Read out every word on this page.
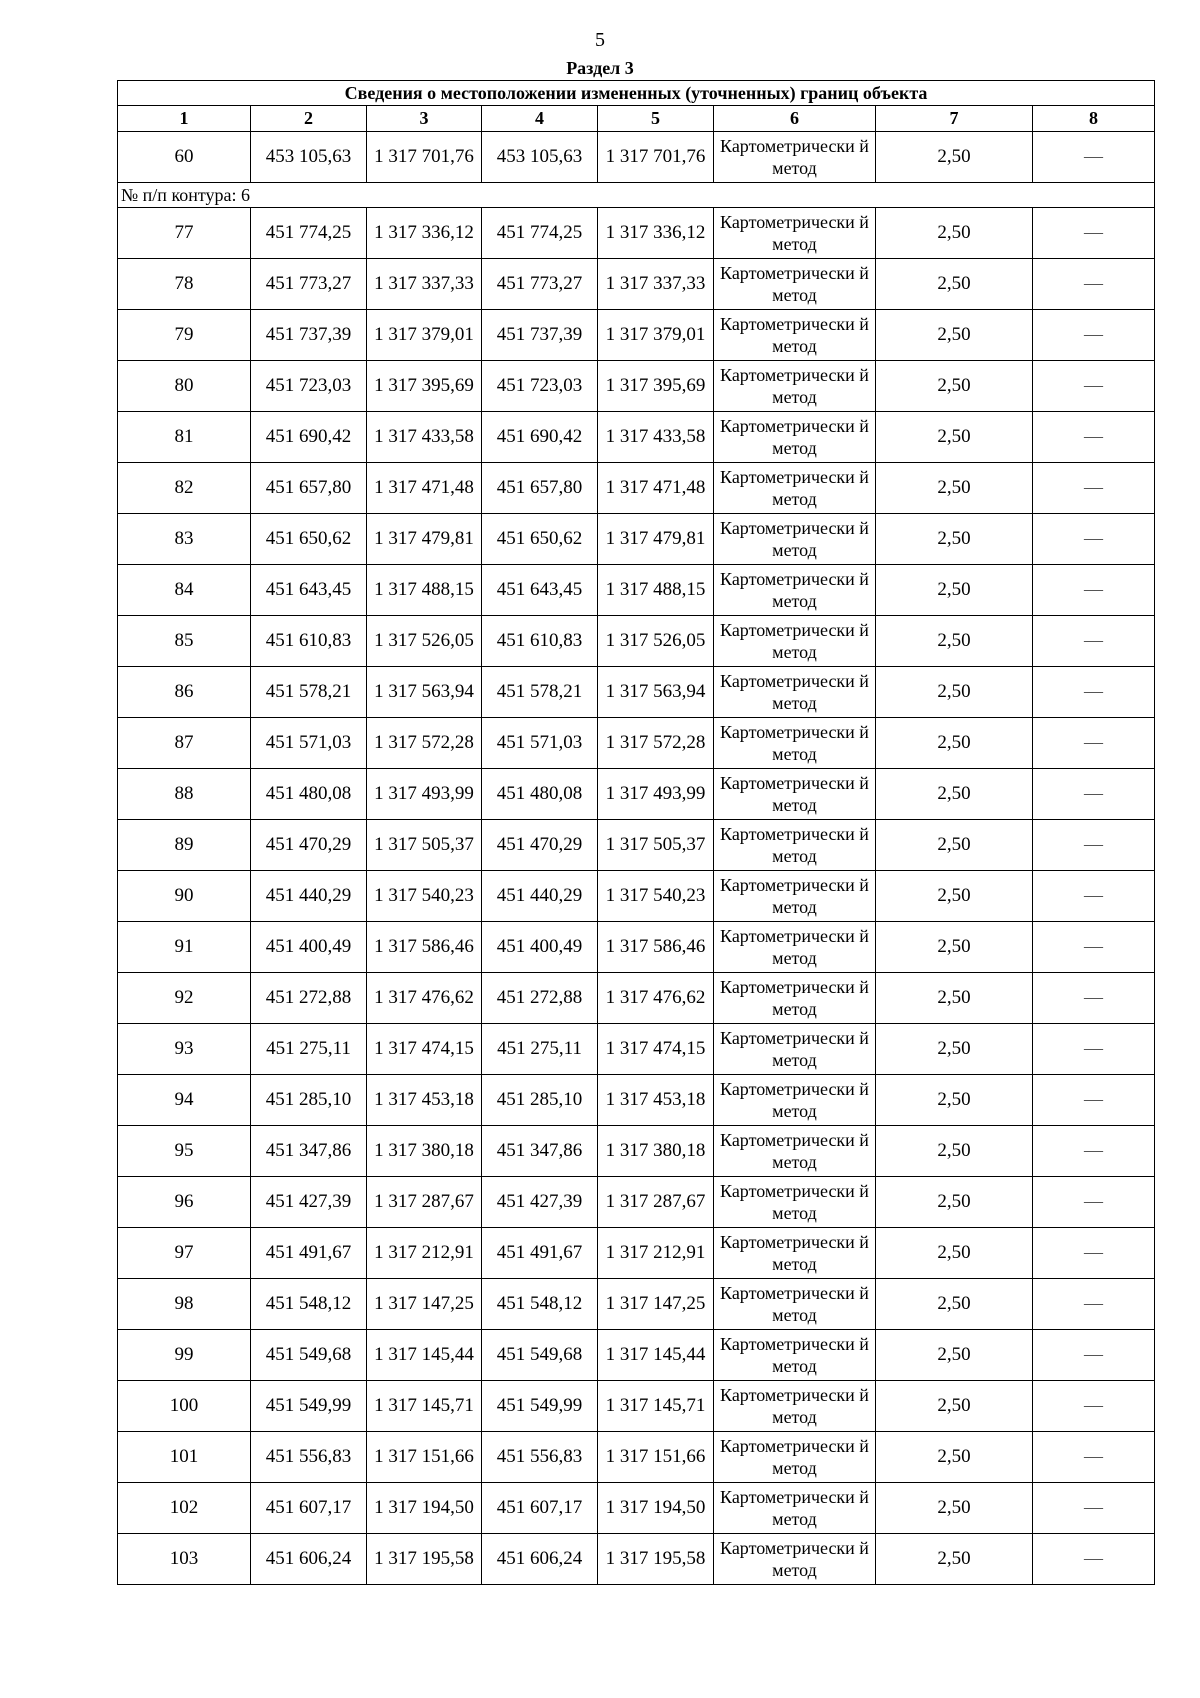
5
Раздел 3
Сведения о местоположении измененных (уточненных) границ объекта							
1	2	3	4	5	6	7	8
60	453 105,63	1 317 701,76	453 105,63	1 317 701,76	Картометрически й метод	2,50	—
№ п/п контура: 6							
77	451 774,25	1 317 336,12	451 774,25	1 317 336,12	Картометрически й метод	2,50	—
78	451 773,27	1 317 337,33	451 773,27	1 317 337,33	Картометрически й метод	2,50	—
79	451 737,39	1 317 379,01	451 737,39	1 317 379,01	Картометрически й метод	2,50	—
80	451 723,03	1 317 395,69	451 723,03	1 317 395,69	Картометрически й метод	2,50	—
81	451 690,42	1 317 433,58	451 690,42	1 317 433,58	Картометрически й метод	2,50	—
82	451 657,80	1 317 471,48	451 657,80	1 317 471,48	Картометрически й метод	2,50	—
83	451 650,62	1 317 479,81	451 650,62	1 317 479,81	Картометрически й метод	2,50	—
84	451 643,45	1 317 488,15	451 643,45	1 317 488,15	Картометрически й метод	2,50	—
85	451 610,83	1 317 526,05	451 610,83	1 317 526,05	Картометрически й метод	2,50	—
86	451 578,21	1 317 563,94	451 578,21	1 317 563,94	Картометрически й метод	2,50	—
87	451 571,03	1 317 572,28	451 571,03	1 317 572,28	Картометрически й метод	2,50	—
88	451 480,08	1 317 493,99	451 480,08	1 317 493,99	Картометрически й метод	2,50	—
89	451 470,29	1 317 505,37	451 470,29	1 317 505,37	Картометрически й метод	2,50	—
90	451 440,29	1 317 540,23	451 440,29	1 317 540,23	Картометрически й метод	2,50	—
91	451 400,49	1 317 586,46	451 400,49	1 317 586,46	Картометрически й метод	2,50	—
92	451 272,88	1 317 476,62	451 272,88	1 317 476,62	Картометрически й метод	2,50	—
93	451 275,11	1 317 474,15	451 275,11	1 317 474,15	Картометрически й метод	2,50	—
94	451 285,10	1 317 453,18	451 285,10	1 317 453,18	Картометрически й метод	2,50	—
95	451 347,86	1 317 380,18	451 347,86	1 317 380,18	Картометрически й метод	2,50	—
96	451 427,39	1 317 287,67	451 427,39	1 317 287,67	Картометрически й метод	2,50	—
97	451 491,67	1 317 212,91	451 491,67	1 317 212,91	Картометрически й метод	2,50	—
98	451 548,12	1 317 147,25	451 548,12	1 317 147,25	Картометрически й метод	2,50	—
99	451 549,68	1 317 145,44	451 549,68	1 317 145,44	Картометрически й метод	2,50	—
100	451 549,99	1 317 145,71	451 549,99	1 317 145,71	Картометрически й метод	2,50	—
101	451 556,83	1 317 151,66	451 556,83	1 317 151,66	Картометрически й метод	2,50	—
102	451 607,17	1 317 194,50	451 607,17	1 317 194,50	Картометрически й метод	2,50	—
103	451 606,24	1 317 195,58	451 606,24	1 317 195,58	Картометрически й метод	2,50	—
